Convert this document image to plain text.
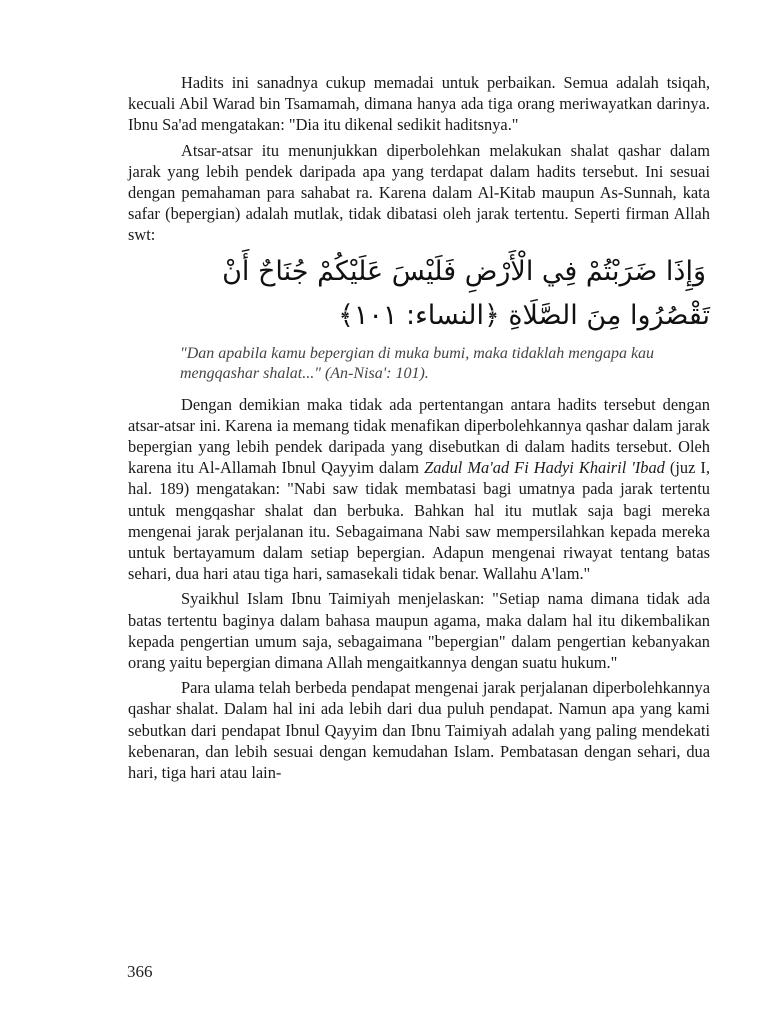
Hadits ini sanadnya cukup memadai untuk perbaikan. Semua adalah tsiqah, kecuali Abil Warad bin Tsamamah, dimana hanya ada tiga orang meriwayatkan darinya. Ibnu Sa'ad mengatakan: "Dia itu dikenal sedikit haditsnya."

Atsar-atsar itu menunjukkan diperbolehkan melakukan shalat qashar dalam jarak yang lebih pendek daripada apa yang terdapat dalam hadits tersebut. Ini sesuai dengan pemahaman para sahabat ra. Karena dalam Al-Kitab maupun As-Sunnah, kata safar (bepergian) adalah mutlak, tidak dibatasi oleh jarak tertentu. Seperti firman Allah swt:

وَإِذَا ضَرَبْتُمْ فِي الْأَرْضِ فَلَيْسَ عَلَيْكُمْ جُنَاحٌ أَنْ
تَقْصُرُوا مِنَ الصَّلَاةِ ﴿النساء: ١٠١﴾
"Dan apabila kamu bepergian di muka bumi, maka tidaklah mengapa kau mengqashar shalat..." (An-Nisa': 101).

Dengan demikian maka tidak ada pertentangan antara hadits tersebut dengan atsar-atsar ini. Karena ia memang tidak menafikan diperbolehkannya qashar dalam jarak bepergian yang lebih pendek daripada yang disebutkan di dalam hadits tersebut. Oleh karena itu Al-Allamah Ibnul Qayyim dalam Zadul Ma'ad Fi Hadyi Khairil 'Ibad (juz I, hal. 189) mengatakan: "Nabi saw tidak membatasi bagi umatnya pada jarak tertentu untuk mengqashar shalat dan berbuka. Bahkan hal itu mutlak saja bagi mereka mengenai jarak perjalanan itu. Sebagaimana Nabi saw mempersilahkan kepada mereka untuk bertayamum dalam setiap bepergian. Adapun mengenai riwayat tentang batas sehari, dua hari atau tiga hari, samasekali tidak benar. Wallahu A'lam."

Syaikhul Islam Ibnu Taimiyah menjelaskan: "Setiap nama dimana tidak ada batas tertentu baginya dalam bahasa maupun agama, maka dalam hal itu dikembalikan kepada pengertian umum saja, sebagaimana "bepergian" dalam pengertian kebanyakan orang yaitu bepergian dimana Allah mengaitkannya dengan suatu hukum."

Para ulama telah berbeda pendapat mengenai jarak perjalanan diperbolehkannya qashar shalat. Dalam hal ini ada lebih dari dua puluh pendapat. Namun apa yang kami sebutkan dari pendapat Ibnul Qayyim dan Ibnu Taimiyah adalah yang paling mendekati kebenaran, dan lebih sesuai dengan kemudahan Islam. Pembatasan dengan sehari, dua hari, tiga hari atau lain-

366
